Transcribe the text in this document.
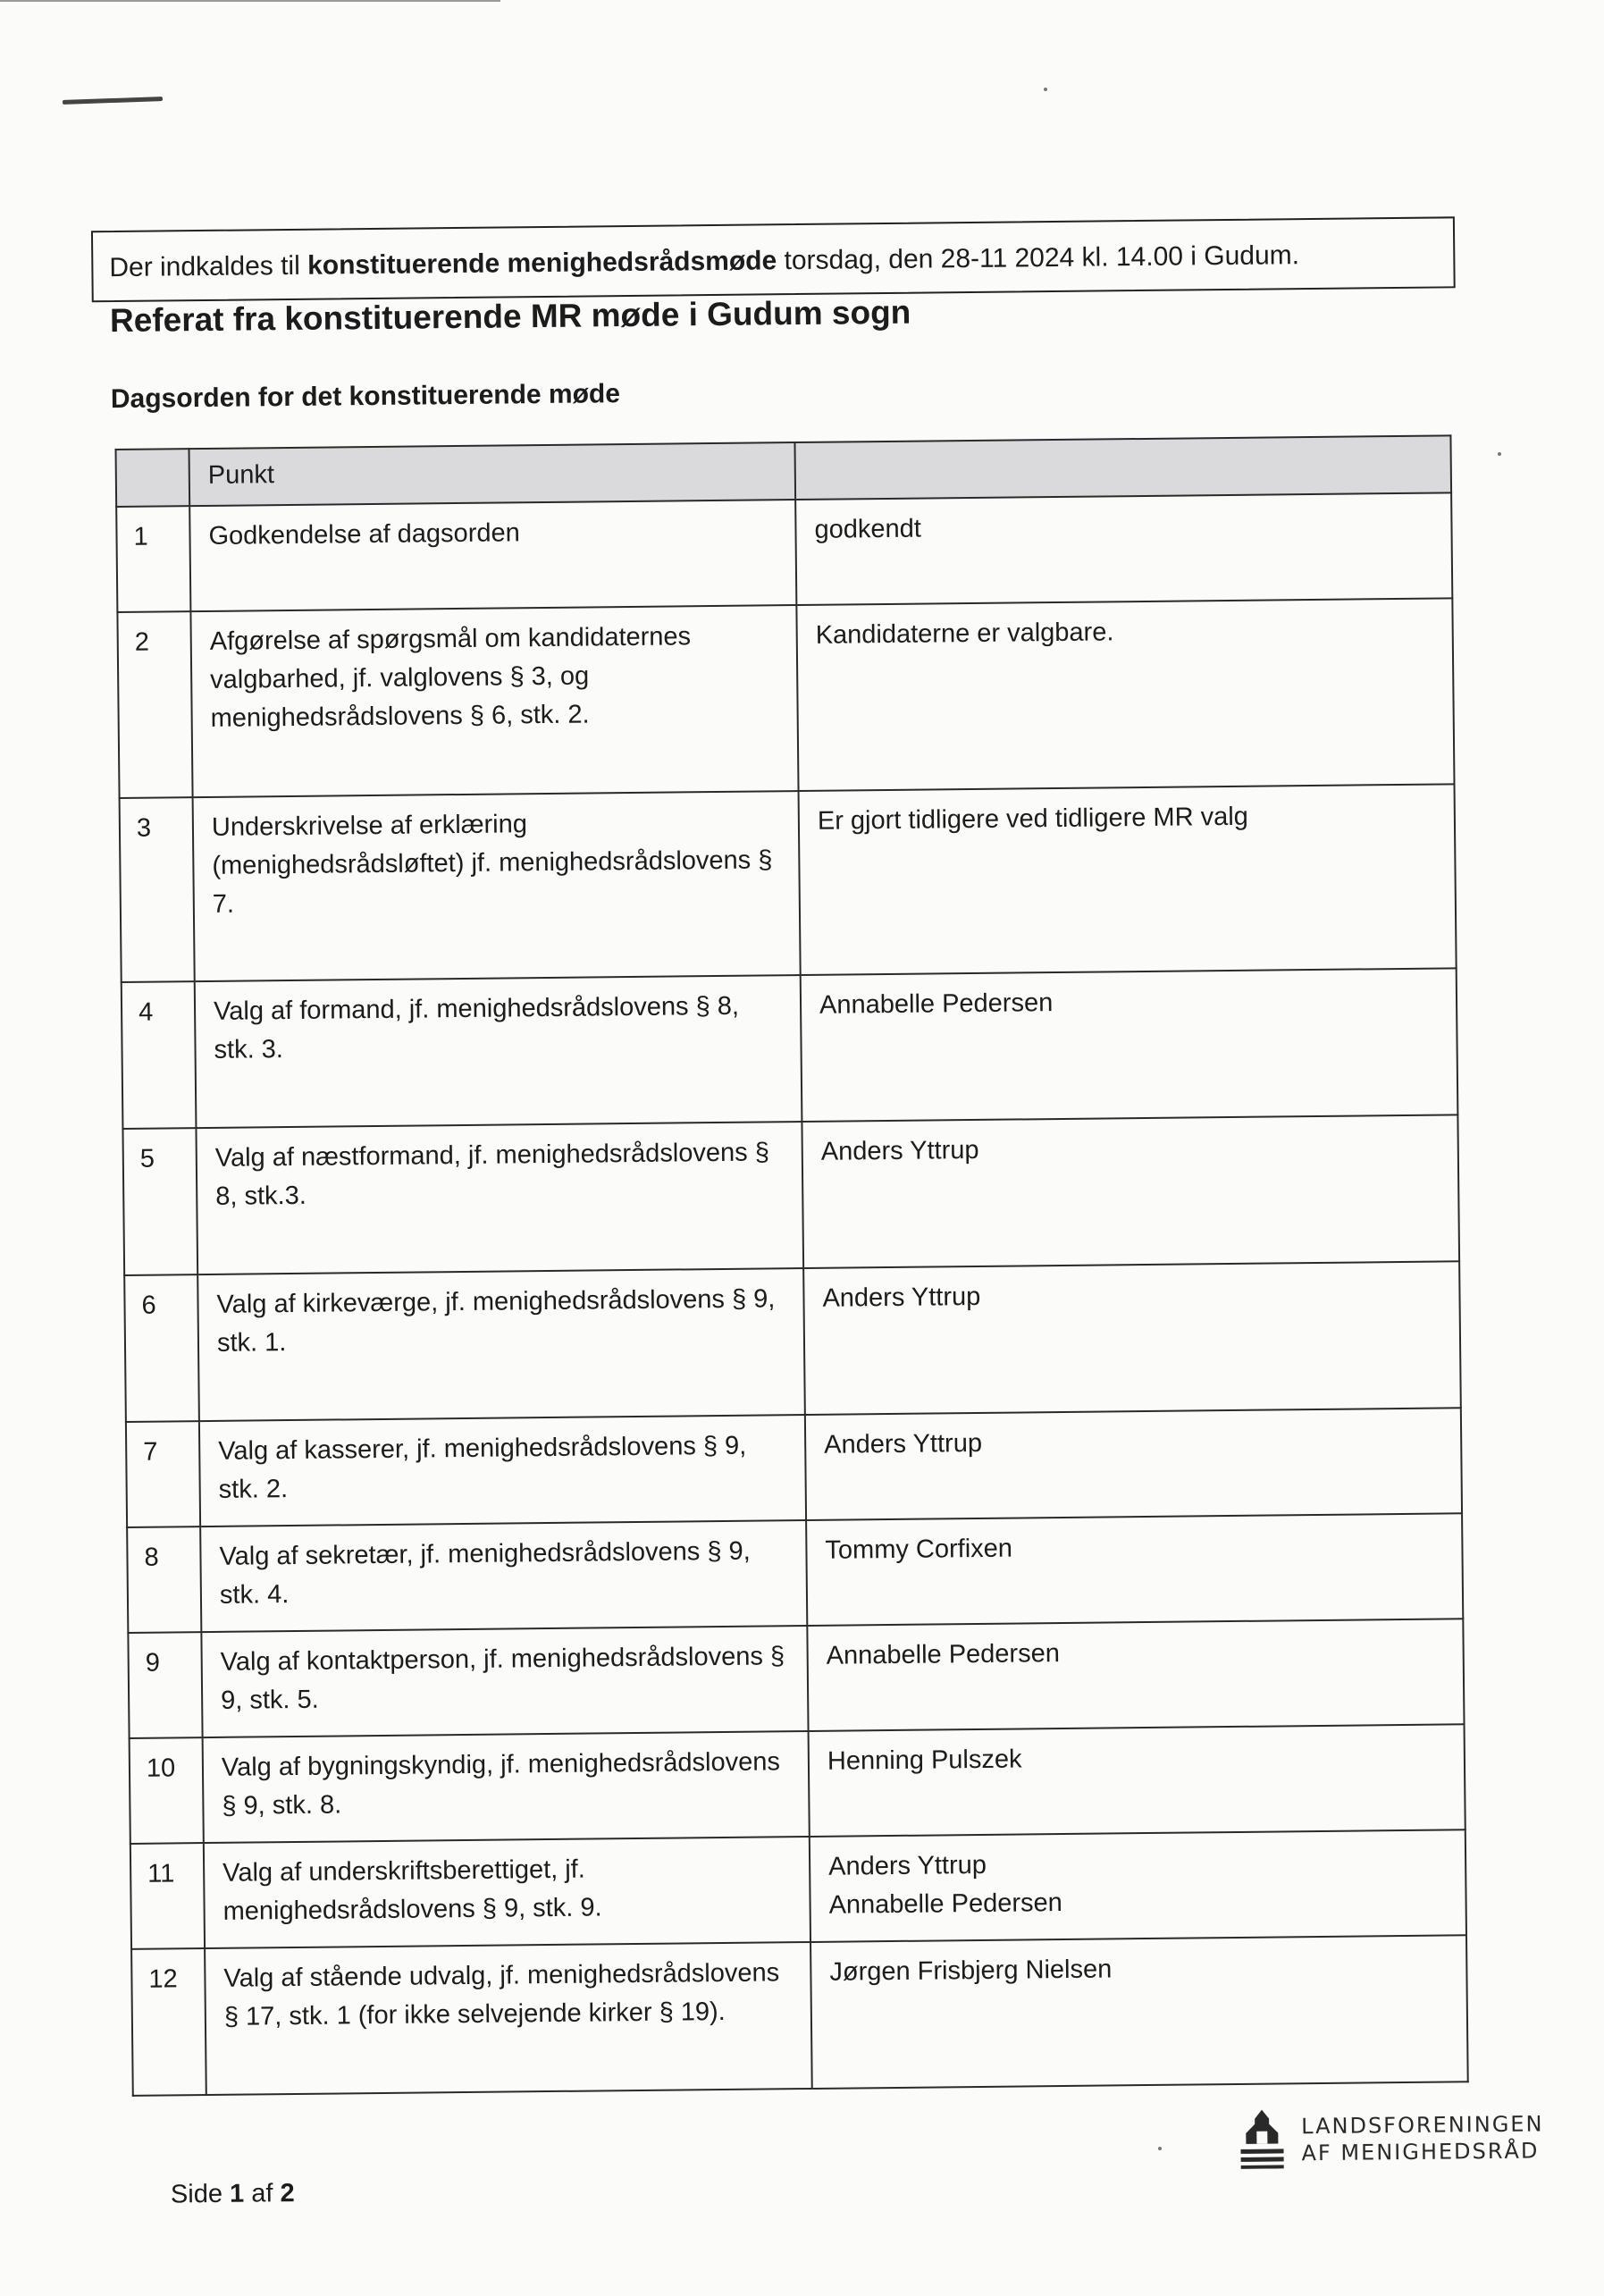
Der indkaldes til konstituerende menighedsrådsmøde torsdag, den 28-11 2024 kl. 14.00 i Gudum.
Referat fra konstituerende MR møde i Gudum sogn
Dagsorden for det konstituerende møde
	Punkt	
1	Godkendelse af dagsorden	godkendt
2	Afgørelse af spørgsmål om kandidaternes valgbarhed, jf. valglovens § 3, og menighedsrådslovens § 6, stk. 2.	Kandidaterne er valgbare.
3	Underskrivelse af erklæring (menighedsrådsløftet) jf. menighedsrådslovens § 7.	Er gjort tidligere ved tidligere MR valg
4	Valg af formand, jf. menighedsrådslovens § 8, stk. 3.	Annabelle Pedersen
5	Valg af næstformand, jf. menighedsrådslovens § 8, stk.3.	Anders Yttrup
6	Valg af kirkeværge, jf. menighedsrådslovens § 9, stk. 1.	Anders Yttrup
7	Valg af kasserer, jf. menighedsrådslovens § 9, stk. 2.	Anders Yttrup
8	Valg af sekretær, jf. menighedsrådslovens § 9, stk. 4.	Tommy Corfixen
9	Valg af kontaktperson, jf. menighedsrådslovens § 9, stk. 5.	Annabelle Pedersen
10	Valg af bygningskyndig, jf. menighedsrådslovens § 9, stk. 8.	Henning Pulszek
11	Valg af underskriftsberettiget, jf. menighedsrådslovens § 9, stk. 9.	Anders Yttrup
Annabelle Pedersen
12	Valg af stående udvalg, jf. menighedsrådslovens § 17, stk. 1 (for ikke selvejende kirker § 19).	Jørgen Frisbjerg Nielsen
Side 1 af 2
LANDSFORENINGEN
AF MENIGHEDSRÅD
